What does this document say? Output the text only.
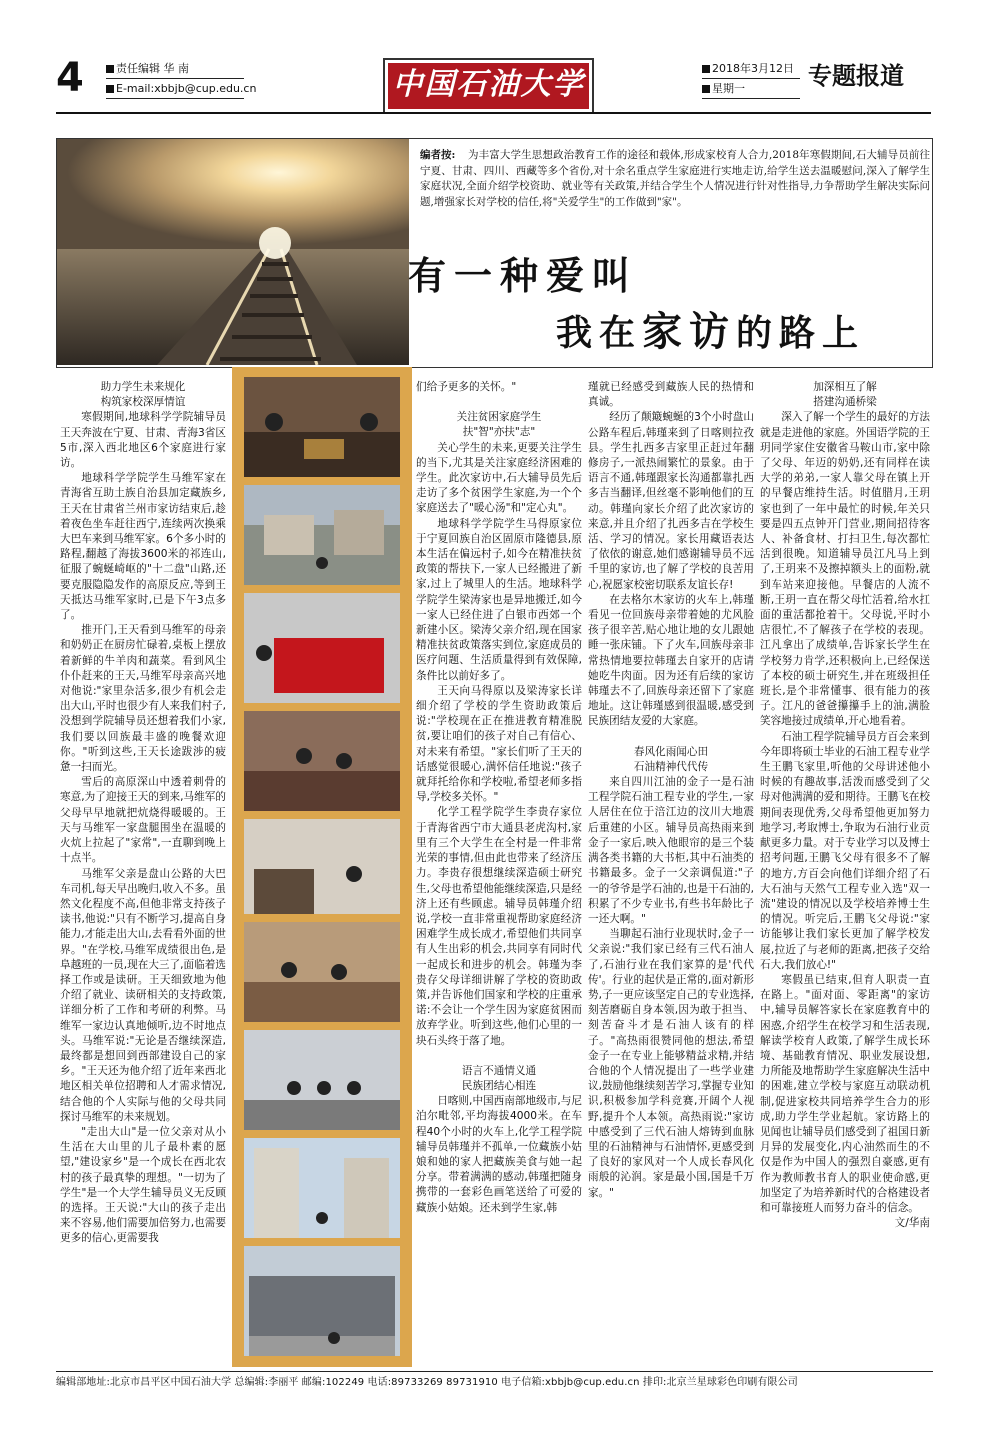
4	责任编辑 华 南
E-mail:xbbjb@cup.edu.cn	中国石油大学	2018年3月12日
星期一	专题报道

编者按:	为丰富大学生思想政治教育工作的途径和载体,形成家校育人合力,2018年寒假期间,石大辅导员前往宁夏、甘肃、四川、西藏等多个省份,对十余名重点学生家庭进行实地走访,给学生送去温暖慰问,深入了解学生家庭状况,全面介绍学校资助、就业等有关政策,并结合学生个人情况进行针对性指导,力争帮助学生解决实际问题,增强家长对学校的信任,将"关爱学生"的工作做到"家"。

有一种爱叫
我在家访的路上

助力学生未来规化

构筑家校深厚情谊

寒假期间,地球科学学院辅导员王天奔波在宁夏、甘肃、青海3省区5市,深入西北地区6个家庭进行家访。

地球科学学院学生马维军家在青海省互助土族自治县加定藏族乡,王天在甘肃省兰州市家访结束后,趁着夜色坐车赶往西宁,连续两次换乘大巴车来到马维军家。6个多小时的路程,翻越了海拔3600米的祁连山,征服了蜿蜒崎岖的"十二盘"山路,还要克服隐隐发作的高原反应,等到王天抵达马维军家时,已是下午3点多了。

推开门,王天看到马维军的母亲和奶奶正在厨房忙碌着,桌板上摆放着新鲜的牛羊肉和蔬菜。看到风尘仆仆赶来的王天,马维军母亲高兴地对他说:"家里杂活多,很少有机会走出大山,平时也很少有人来我们村子,没想到学院辅导员还想着我们小家,我们要以回族最丰盛的晚餐欢迎你。"听到这些,王天长途跋涉的疲惫一扫而光。

雪后的高原深山中透着刺骨的寒意,为了迎接王天的到来,马维军的父母早早地就把炕烧得暖暖的。王天与马维军一家盘腿围坐在温暖的火炕上拉起了"家常",一直聊到晚上十点半。

马维军父亲是盘山公路的大巴车司机,每天早出晚归,收入不多。虽然文化程度不高,但他非常支持孩子读书,他说:"只有不断学习,提高自身能力,才能走出大山,去看看外面的世界。"在学校,马维军成绩很出色,是阜越班的一员,现在大三了,面临着选择工作或是读研。王天细致地为他介绍了就业、读研相关的支持政策,详细分析了工作和考研的利弊。马维军一家边认真地倾听,边不时地点头。马维军说:"无论是否继续深造,最终都是想回到西部建设自己的家乡。"王天还为他介绍了近年来西北地区相关单位招聘和人才需求情况,结合他的个人实际与他的父母共同探讨马维军的未来规划。

"走出大山"是一位父亲对从小生活在大山里的儿子最朴素的愿望,"建设家乡"是一个成长在西北农村的孩子最真挚的理想。"一切为了学生"是一个大学生辅导员义无反顾的选择。王天说:"大山的孩子走出来不容易,他们需要加倍努力,也需要更多的信心,更需要我

们给予更多的关怀。"

关注贫困家庭学生

扶"智"亦扶"志"

关心学生的未来,更要关注学生的当下,尤其是关注家庭经济困难的学生。此次家访中,石大辅导员先后走访了多个贫困学生家庭,为一个个家庭送去了"暖心汤"和"定心丸"。

地球科学学院学生马得原家位于宁夏回族自治区固原市隆德县,原本生活在偏远村子,如今在精准扶贫政策的帮扶下,一家人已经搬进了新家,过上了城里人的生活。地球科学学院学生梁涛家也是异地搬迁,如今一家人已经住进了白银市西郊一个新建小区。梁涛父亲介绍,现在国家精准扶贫政策落实到位,家庭成员的医疗问题、生活质量得到有效保障,条件比以前好多了。

王天向马得原以及梁涛家长详细介绍了学校的学生资助政策后说:"学校现在正在推进教育精准脱贫,要让咱们的孩子对自己有信心、对未来有希望。"家长们听了王天的话感觉很暖心,满怀信任地说:"孩子就拜托给你和学校啦,希望老师多指导,学校多关怀。"

化学工程学院学生李贵存家位于青海省西宁市大通县老虎沟村,家里有三个大学生在全村是一件非常光荣的事情,但由此也带来了经济压力。李贵存很想继续深造硕士研究生,父母也希望他能继续深造,只是经济上还有些顾虑。辅导员韩瑾介绍说,学校一直非常重视帮助家庭经济困难学生成长成才,希望他们共同享有人生出彩的机会,共同享有同时代一起成长和进步的机会。韩瑾为李贵存父母详细讲解了学校的资助政策,并告诉他们国家和学校的庄重承诺:不会让一个学生因为家庭贫困而放弃学业。听到这些,他们心里的一块石头终于落了地。

语言不通情义通

民族团结心相连

日喀则,中国西南部地级市,与尼泊尔毗邻,平均海拔4000米。在车程40个小时的火车上,化学工程学院辅导员韩瑾并不孤单,一位藏族小姑娘和她的家人把藏族美食与她一起分享。带着满满的感动,韩瑾把随身携带的一套彩色画笔送给了可爱的藏族小姑娘。还未到学生家,韩

瑾就已经感受到藏族人民的热情和真诚。

经历了颠簸蜿蜒的3个小时盘山公路车程后,韩瑾来到了日喀则拉孜县。学生扎西多吉家里正赶过年翻修房子,一派热闹繁忙的景象。由于语言不通,韩瑾跟家长沟通都靠扎西多吉当翻译,但丝毫不影响他们的互动。韩瑾向家长介绍了此次家访的来意,并且介绍了扎西多吉在学校生活、学习的情况。家长用藏语表达了依依的谢意,她们感谢辅导员不远千里的家访,也了解了学校的良苦用心,祝愿家校密切联系友谊长存!

在去格尔木家访的火车上,韩瑾看见一位回族母亲带着她的尤风脸孩子很辛苦,贴心地让地的女儿跟她睡一张床铺。下了火车,回族母亲非常热情地要拉韩瑾去自家开的店请她吃牛肉面。因为还有后续的家访韩瑾去不了,回族母亲还留下了家庭地址。这让韩瑾感到很温暖,感受到民族团结友爱的大家庭。

春风化雨闻心田

石油精神代代传

来自四川江油的金子一是石油工程学院石油工程专业的学生,一家人居住在位于涪江边的汶川大地震后重建的小区。辅导员高热雨来到金子一家后,映入他眼帘的是三个装满各类书籍的大书柜,其中石油类的书籍最多。金子一父亲调侃道:"子一的爷爷是学石油的,也是干石油的,积累了不少专业书,有些书年龄比子一还大啊。"

当聊起石油行业现状时,金子一父亲说:"我们家已经有三代石油人了,石油行业在我们家算的是'代代传'。行业的起伏是正常的,面对新形势,子一更应该坚定自己的专业选择,刻苦磨砺自身本领,因为敢于担当、刻苦奋斗才是石油人该有的样子。"高热雨很赞同他的想法,希望金子一在专业上能够精益求精,并结合他的个人情况提出了一些学业建议,鼓励他继续刻苦学习,掌握专业知识,积极参加学科竞赛,开阔个人视野,提升个人本领。高热雨说:"家访中感受到了三代石油人熔铸到血脉里的石油精神与石油情怀,更感受到了良好的家风对一个人成长春风化雨般的沁润。家是最小国,国是千万家。"

加深相互了解

搭建沟通桥梁

深入了解一个学生的最好的方法就是走进他的家庭。外国语学院的王玥同学家住安徽省马鞍山市,家中除了父母、年迈的奶奶,还有同样在读大学的弟弟,一家人靠父母在镇上开的早餐店维持生活。时值腊月,王玥家也到了一年中最忙的时候,年关只要是四五点钟开门营业,期间招待客人、补备食材、打扫卫生,每次都忙活到很晚。知道辅导员江凡马上到了,王玥来不及擦掉额头上的面粉,就到车站来迎接他。早餐店的人流不断,王玥一直在帮父母忙活着,给水扛面的重活都抢着干。父母说,平时小店很忙,不了解孩子在学校的表现。江凡拿出了成绩单,告诉家长学生在学校努力肯学,还积极向上,已经保送了本校的硕士研究生,并在班级担任班长,是个非常懂事、很有能力的孩子。江凡的爸爸攥攥手上的油,满脸笑容地接过成绩单,开心地看着。

石油工程学院辅导员方百会来到今年即将硕士毕业的石油工程专业学生王鹏飞家里,听他的父母讲述他小时候的有趣故事,活泼而感受到了父母对他满满的爱和期待。王鹏飞在校期间表现优秀,父母希望他更加努力地学习,考取博士,争取为石油行业贡献更多力量。对于专业学习以及博士招考问题,王鹏飞父母有很多不了解的地方,方百会向他们详细介绍了石大石油与天然气工程专业入选"双一流"建设的情况以及学校培养博士生的情况。听完后,王鹏飞父母说:"家访能够让我们家长更加了解学校发展,拉近了与老师的距离,把孩子交给石大,我们放心!"

寒假虽已结束,但育人职责一直在路上。"面对面、零距离"的家访中,辅导员解答家长在家庭教育中的困惑,介绍学生在校学习和生活表现,解读学校育人政策,了解学生成长环境、基础教育情况、职业发展设想,力所能及地帮助学生家庭解决生活中的困难,建立学校与家庭互动联动机制,促进家校共同培养学生合力的形成,助力学生学业起航。家访路上的见闻也让辅导员们感受到了祖国日新月异的发展变化,内心油然而生的不仅是作为中国人的强烈自豪感,更有作为教师教书育人的职业使命感,更加坚定了为培养新时代的合格建设者和可靠接班人而努力奋斗的信念。

文/华南

编辑部地址:北京市昌平区中国石油大学 总编辑:李丽平 邮编:102249 电话:89733269 89731910 电子信箱:xbbjb@cup.edu.cn 排印:北京兰星球彩色印刷有限公司
